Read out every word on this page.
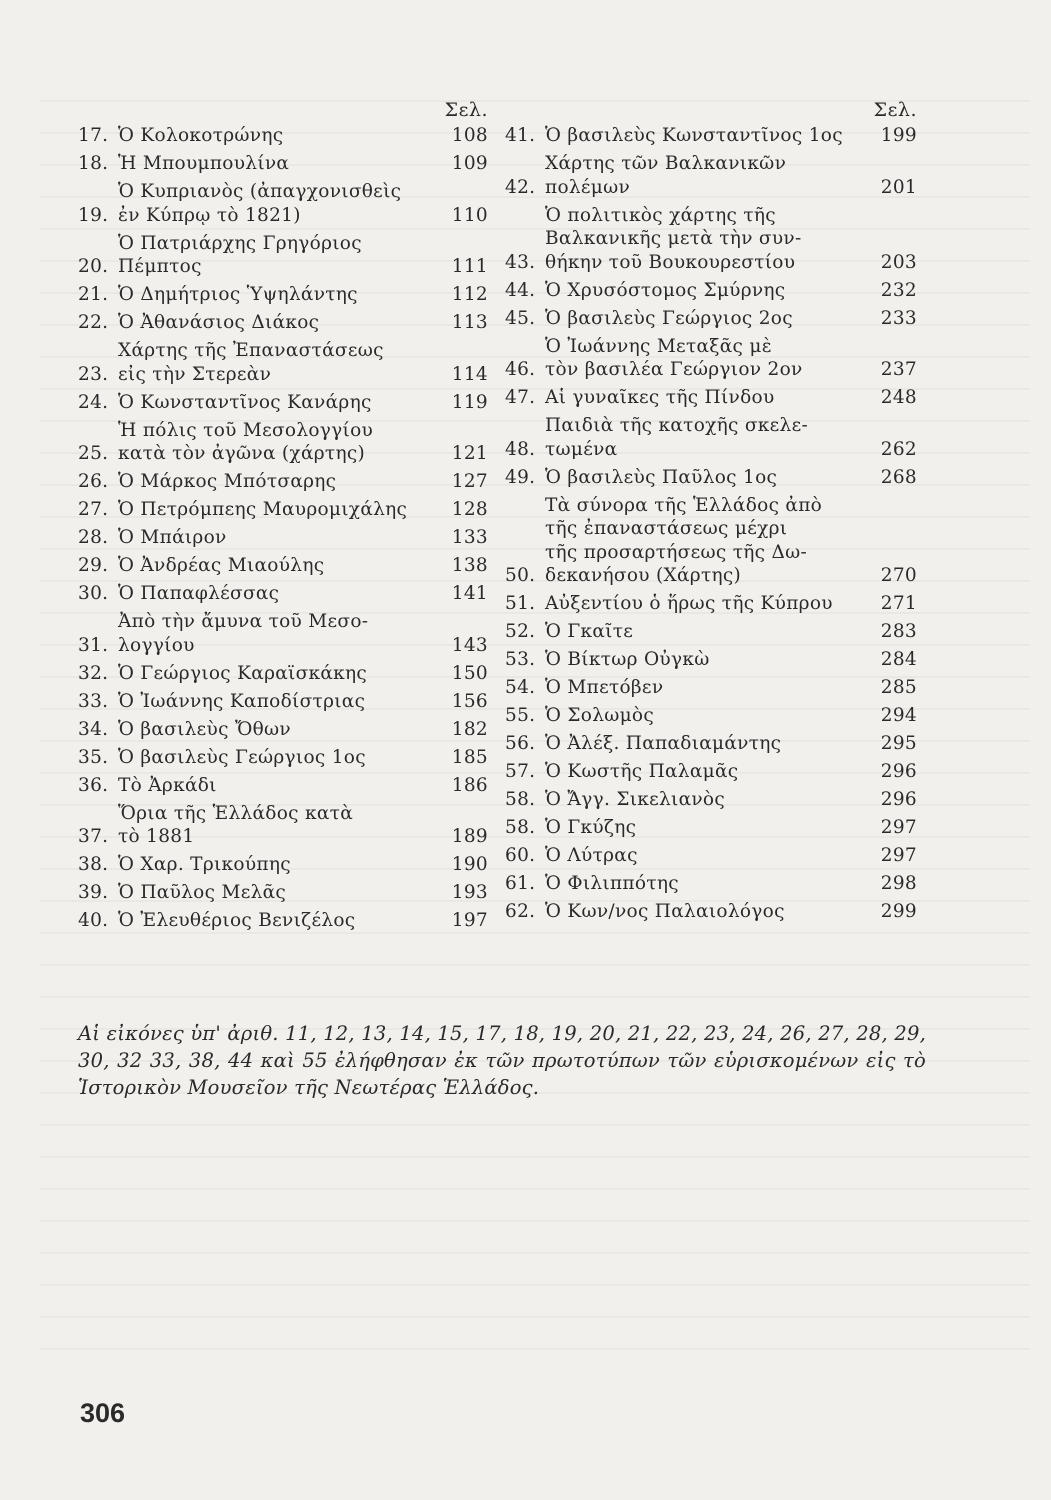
Σελ.
17. Ὁ Κολοκοτρώνης	108
18. Ἡ Μπουμπουλίνα	109
19.
Ὁ Κυπριανὸς (ἀπαγχονισθεὶς
ἐν Κύπρῳ τὸ 1821)	110
20.
Ὁ Πατριάρχης Γρηγόριος
Πέμπτος	111
21. Ὁ Δημήτριος Ὑψηλάντης	112
22. Ὁ Ἀθανάσιος Διάκος	113
23.
Χάρτης τῆς Ἐπαναστάσεως
εἰς τὴν Στερεὰν	114
24. Ὁ Κωνσταντῖνος Κανάρης	119
25.
Ἡ πόλις τοῦ Μεσολογγίου
κατὰ τὸν ἀγῶνα (χάρτης)	121
26. Ὁ Μάρκος Μπότσαρης	127
27. Ὁ Πετρόμπεης Μαυρομιχάλης	128
28. Ὁ Μπάιρον	133
29. Ὁ Ἀνδρέας Μιαούλης	138
30. Ὁ Παπαφλέσσας	141
31.
Ἀπὸ τὴν ἄμυνα τοῦ Μεσο-
λογγίου	143
32. Ὁ Γεώργιος Καραϊσκάκης	150
33. Ὁ Ἰωάννης Καποδίστριας	156
34. Ὁ βασιλεὺς Ὄθων	182
35. Ὁ βασιλεὺς Γεώργιος 1ος	185
36. Τὸ Ἀρκάδι	186
37.
Ὅρια τῆς Ἑλλάδος κατὰ
τὸ 1881	189
38. Ὁ Χαρ. Τρικούπης	190
39. Ὁ Παῦλος Μελᾶς	193
40. Ὁ Ἐλευθέριος Βενιζέλος	197
Σελ.
41. Ὁ βασιλεὺς Κωνσταντῖνος 1ος	199
42.
Χάρτης τῶν Βαλκανικῶν
πολέμων	201
43.
Ὁ πολιτικὸς χάρτης τῆς
Βαλκανικῆς μετὰ τὴν συν-
θήκην τοῦ Βουκουρεστίου	203
44. Ὁ Χρυσόστομος Σμύρνης	232
45. Ὁ βασιλεὺς Γεώργιος 2ος	233
46.
Ὁ Ἰωάννης Μεταξᾶς μὲ
τὸν βασιλέα Γεώργιον 2ον	237
47. Αἱ γυναῖκες τῆς Πίνδου	248
48.
Παιδιὰ τῆς κατοχῆς σκελε-
τωμένα	262
49. Ὁ βασιλεὺς Παῦλος 1ος	268
50.
Τὰ σύνορα τῆς Ἑλλάδος ἀπὸ
τῆς ἐπαναστάσεως μέχρι
τῆς προσαρτήσεως τῆς Δω-
δεκανήσου (Χάρτης)	270
51. Αὐξεντίου ὁ ἥρως τῆς Κύπρου	271
52. Ὁ Γκαῖτε	283
53. Ὁ Βίκτωρ Οὐγκὼ	284
54. Ὁ Μπετόβεν	285
55. Ὁ Σολωμὸς	294
56. Ὁ Ἀλέξ. Παπαδιαμάντης	295
57. Ὁ Κωστῆς Παλαμᾶς	296
58. Ὁ Ἄγγ. Σικελιανὸς	296
58. Ὁ Γκύζης	297
60. Ὁ Λύτρας	297
61. Ὁ Φιλιππότης	298
62. Ὁ Κων/νος Παλαιολόγος	299
Αἱ εἰκόνες ὑπ' ἀριθ. 11, 12, 13, 14, 15, 17, 18, 19, 20, 21, 22, 23, 24, 26, 27, 28, 29, 30, 32 33, 38, 44 καὶ 55 ἐλήφθησαν ἐκ τῶν πρωτοτύπων τῶν εὑρισκομένων εἰς τὸ Ἱστορικὸν Μουσεῖον τῆς Νεωτέρας Ἑλλάδος.
306
